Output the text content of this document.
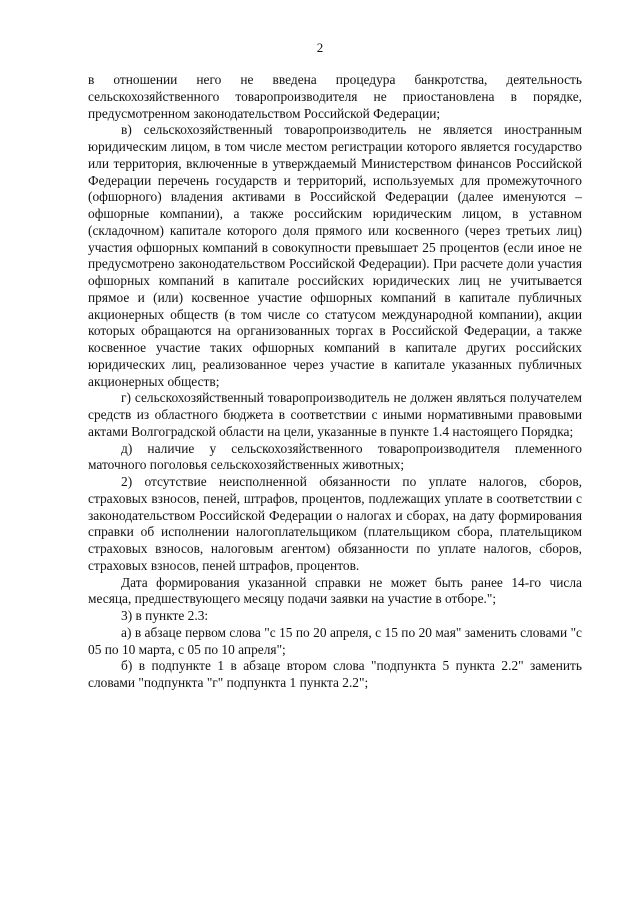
2

в отношении него не введена процедура банкротства, деятельность сельскохозяйственного товаропроизводителя не приостановлена в порядке, предусмотренном законодательством Российской Федерации;

в) сельскохозяйственный товаропроизводитель не является иностранным юридическим лицом, в том числе местом регистрации которого является государство или территория, включенные в утверждаемый Министерством финансов Российской Федерации перечень государств и территорий, используемых для промежуточного (офшорного) владения активами в Российской Федерации (далее именуются – офшорные компании), а также российским юридическим лицом, в уставном (складочном) капитале которого доля прямого или косвенного (через третьих лиц) участия офшорных компаний в совокупности превышает 25 процентов (если иное не предусмотрено законодательством Российской Федерации). При расчете доли участия офшорных компаний в капитале российских юридических лиц не учитывается прямое и (или) косвенное участие офшорных компаний в капитале публичных акционерных обществ (в том числе со статусом международной компании), акции которых обращаются на организованных торгах в Российской Федерации, а также косвенное участие таких офшорных компаний в капитале других российских юридических лиц, реализованное через участие в капитале указанных публичных акционерных обществ;

г) сельскохозяйственный товаропроизводитель не должен являться получателем средств из областного бюджета в соответствии с иными нормативными правовыми актами Волгоградской области на цели, указанные в пункте 1.4 настоящего Порядка;

д) наличие у сельскохозяйственного товаропроизводителя племенного маточного поголовья сельскохозяйственных животных;

2) отсутствие неисполненной обязанности по уплате налогов, сборов, страховых взносов, пеней, штрафов, процентов, подлежащих уплате в соответствии с законодательством Российской Федерации о налогах и сборах, на дату формирования справки об исполнении налогоплательщиком (плательщиком сбора, плательщиком страховых взносов, налоговым агентом) обязанности по уплате налогов, сборов, страховых взносов, пеней штрафов, процентов.

Дата формирования указанной справки не может быть ранее 14-го числа месяца, предшествующего месяцу подачи заявки на участие в отборе.";

3) в пункте 2.3:

а) в абзаце первом слова "с 15 по 20 апреля, с 15 по 20 мая" заменить словами "с 05 по 10 марта, с 05 по 10 апреля";

б) в подпункте 1 в абзаце втором слова "подпункта 5 пункта 2.2" заменить словами "подпункта "г" подпункта 1 пункта 2.2";
